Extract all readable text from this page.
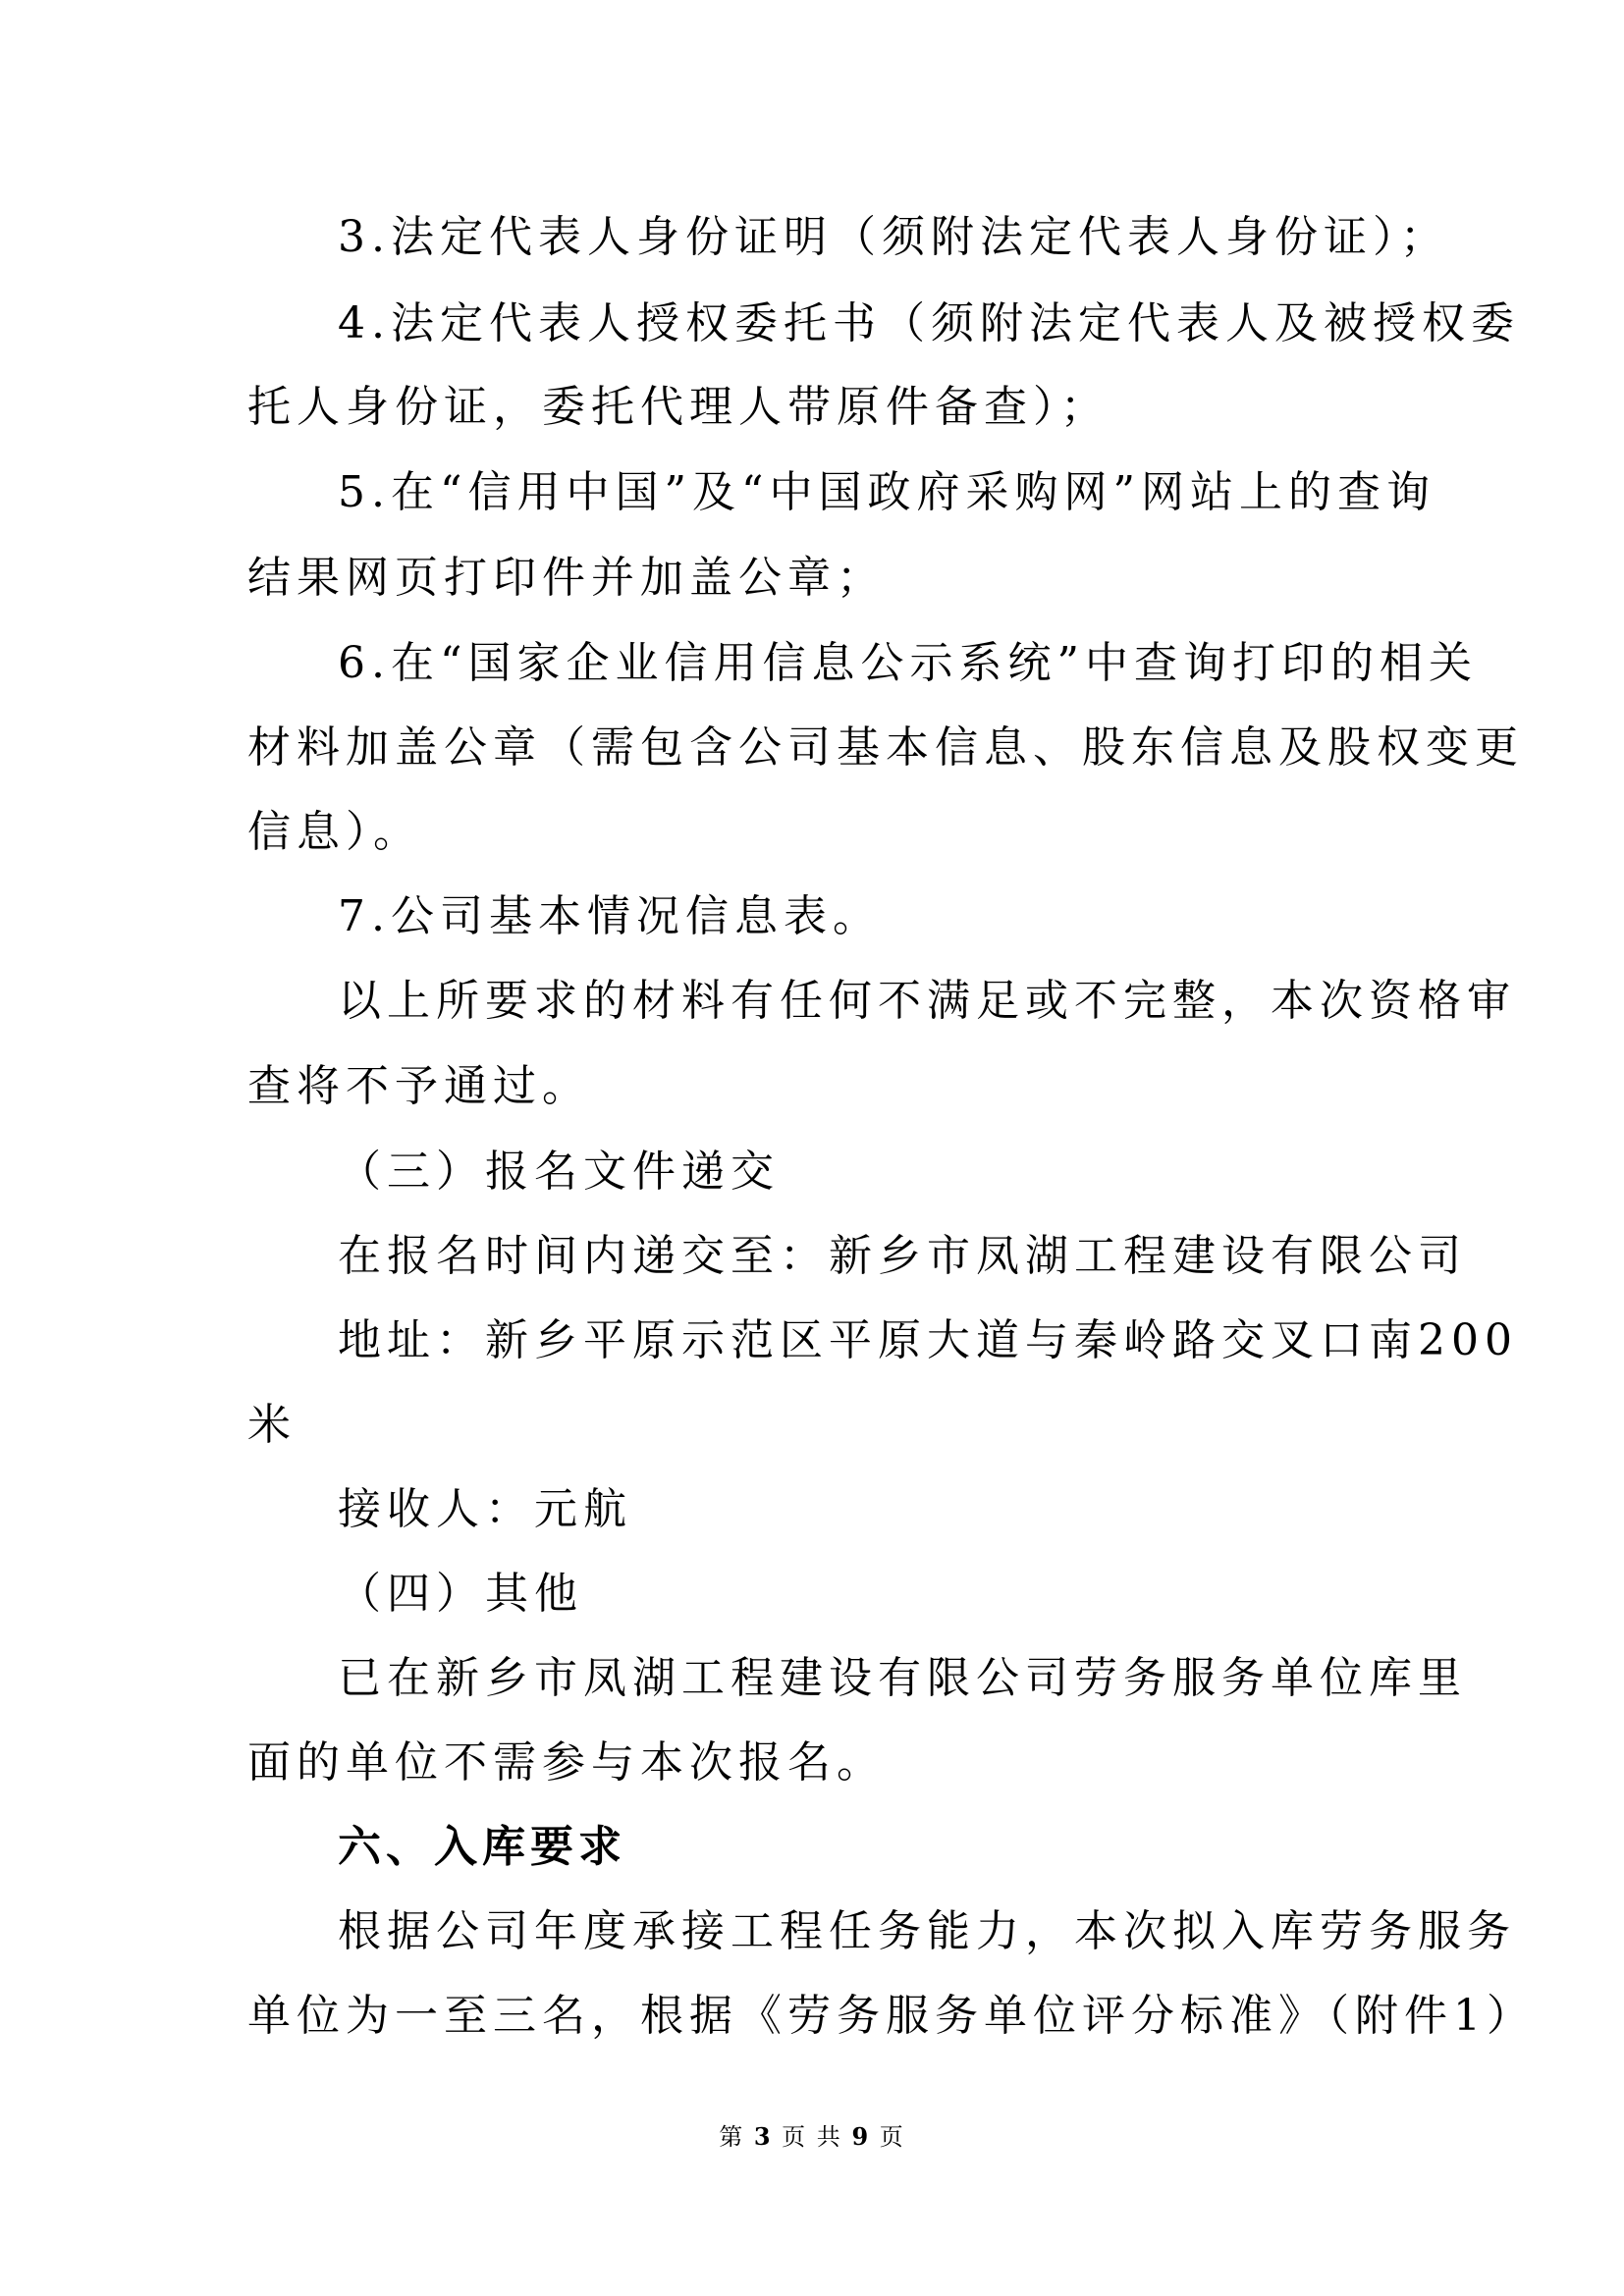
3.法定代表人身份证明（须附法定代表人身份证）；
4.法定代表人授权委托书（须附法定代表人及被授权委
托人身份证，委托代理人带原件备查）；
5.在“信用中国”及“中国政府采购网”网站上的查询
结果网页打印件并加盖公章；
6.在“国家企业信用信息公示系统”中查询打印的相关
材料加盖公章（需包含公司基本信息、股东信息及股权变更
信息）。
7.公司基本情况信息表。
以上所要求的材料有任何不满足或不完整，本次资格审
查将不予通过。
（三）报名文件递交
在报名时间内递交至：新乡市凤湖工程建设有限公司
地址：新乡平原示范区平原大道与秦岭路交叉口南200
米
接收人：元航
（四）其他
已在新乡市凤湖工程建设有限公司劳务服务单位库里
面的单位不需参与本次报名。
六、入库要求
根据公司年度承接工程任务能力，本次拟入库劳务服务
单位为一至三名，根据《劳务服务单位评分标准》（附件1）
第 3 页 共 9 页
